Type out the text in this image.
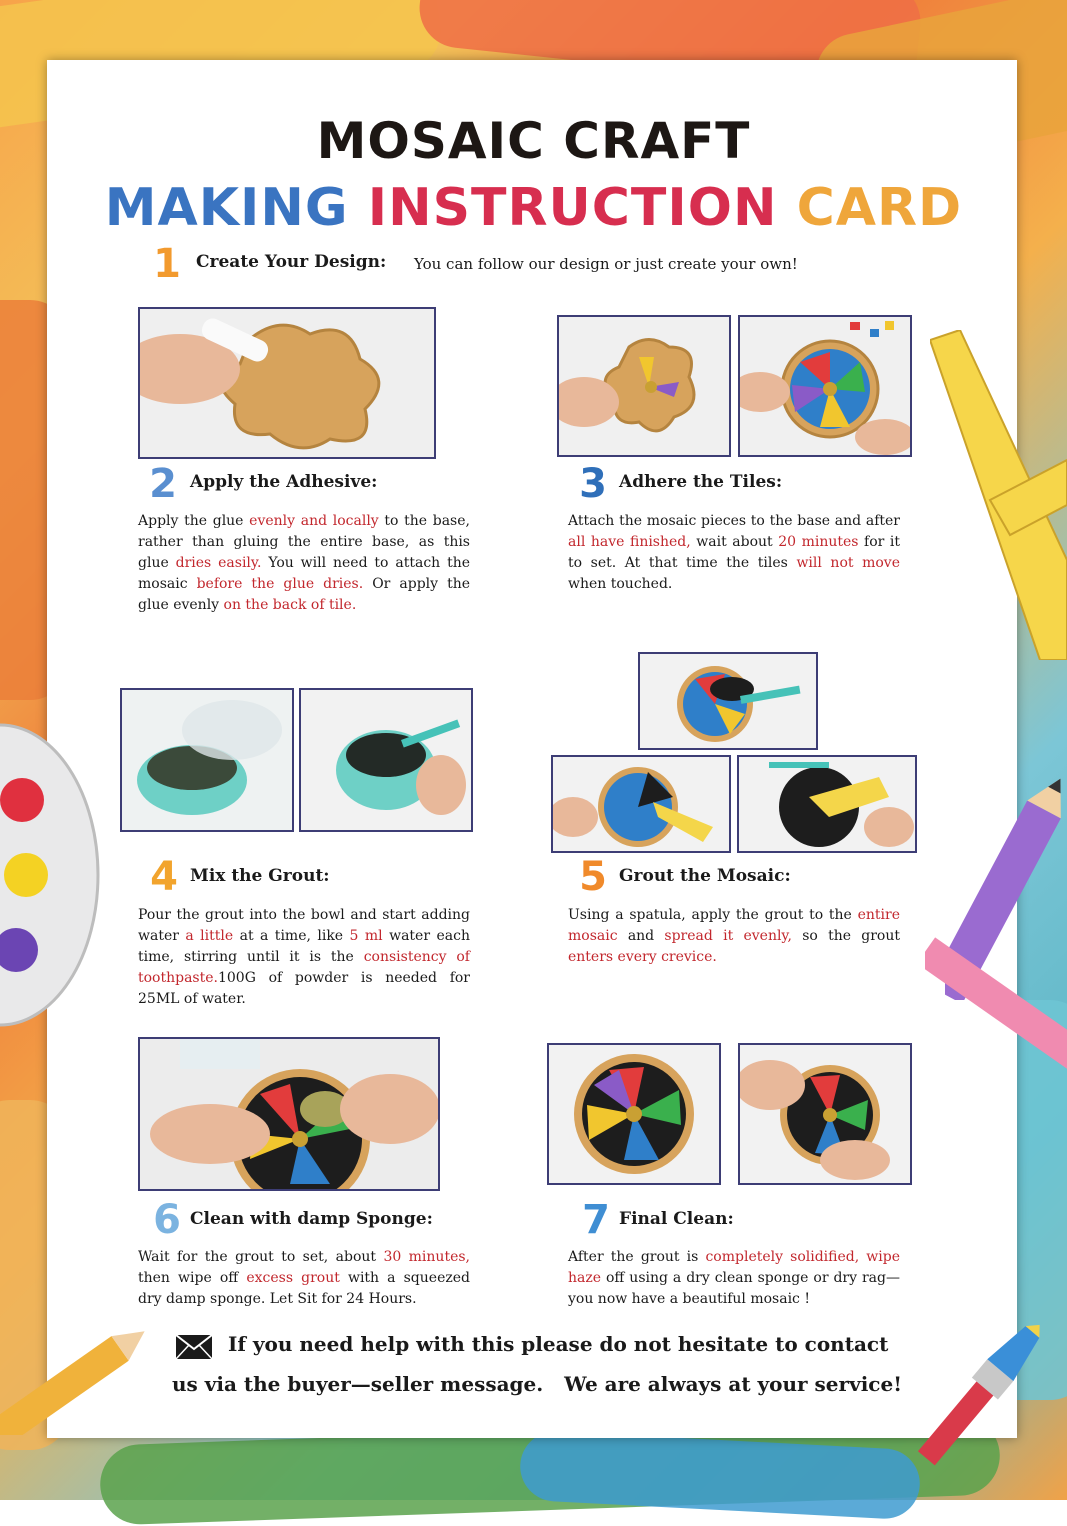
MOSAIC CRAFT
MAKING INSTRUCTION CARD
1 Create Your Design: You can follow our design or just create your own!
2 Apply the Adhesive:
Apply the glue evenly and locally to the base, rather than gluing the entire base, as this glue dries easily. You will need to attach the mosaic before the glue dries. Or apply the glue evenly on the back of tile.
3 Adhere the Tiles:
Attach the mosaic pieces to the base and after all have finished, wait about 20 minutes for it to set. At that time the tiles will not move when touched.
4 Mix the Grout:
Pour the grout into the bowl and start adding water a little at a time, like 5 ml water each time, stirring until it is the consistency of toothpaste.100G of powder is needed for 25ML of water.
5 Grout the Mosaic:
Using a spatula, apply the grout to the entire mosaic and spread it evenly, so the grout enters every crevice.
6 Clean with damp Sponge:
Wait for the grout to set, about 30 minutes, then wipe off excess grout with a squeezed dry damp sponge. Let Sit for 24 Hours.
7 Final Clean:
After the grout is completely solidified, wipe haze off using a dry clean sponge or dry rag—you now have a beautiful mosaic !
If you need help with this please do not hesitate to contact
us via the buyer—seller message.   We are always at your service!
